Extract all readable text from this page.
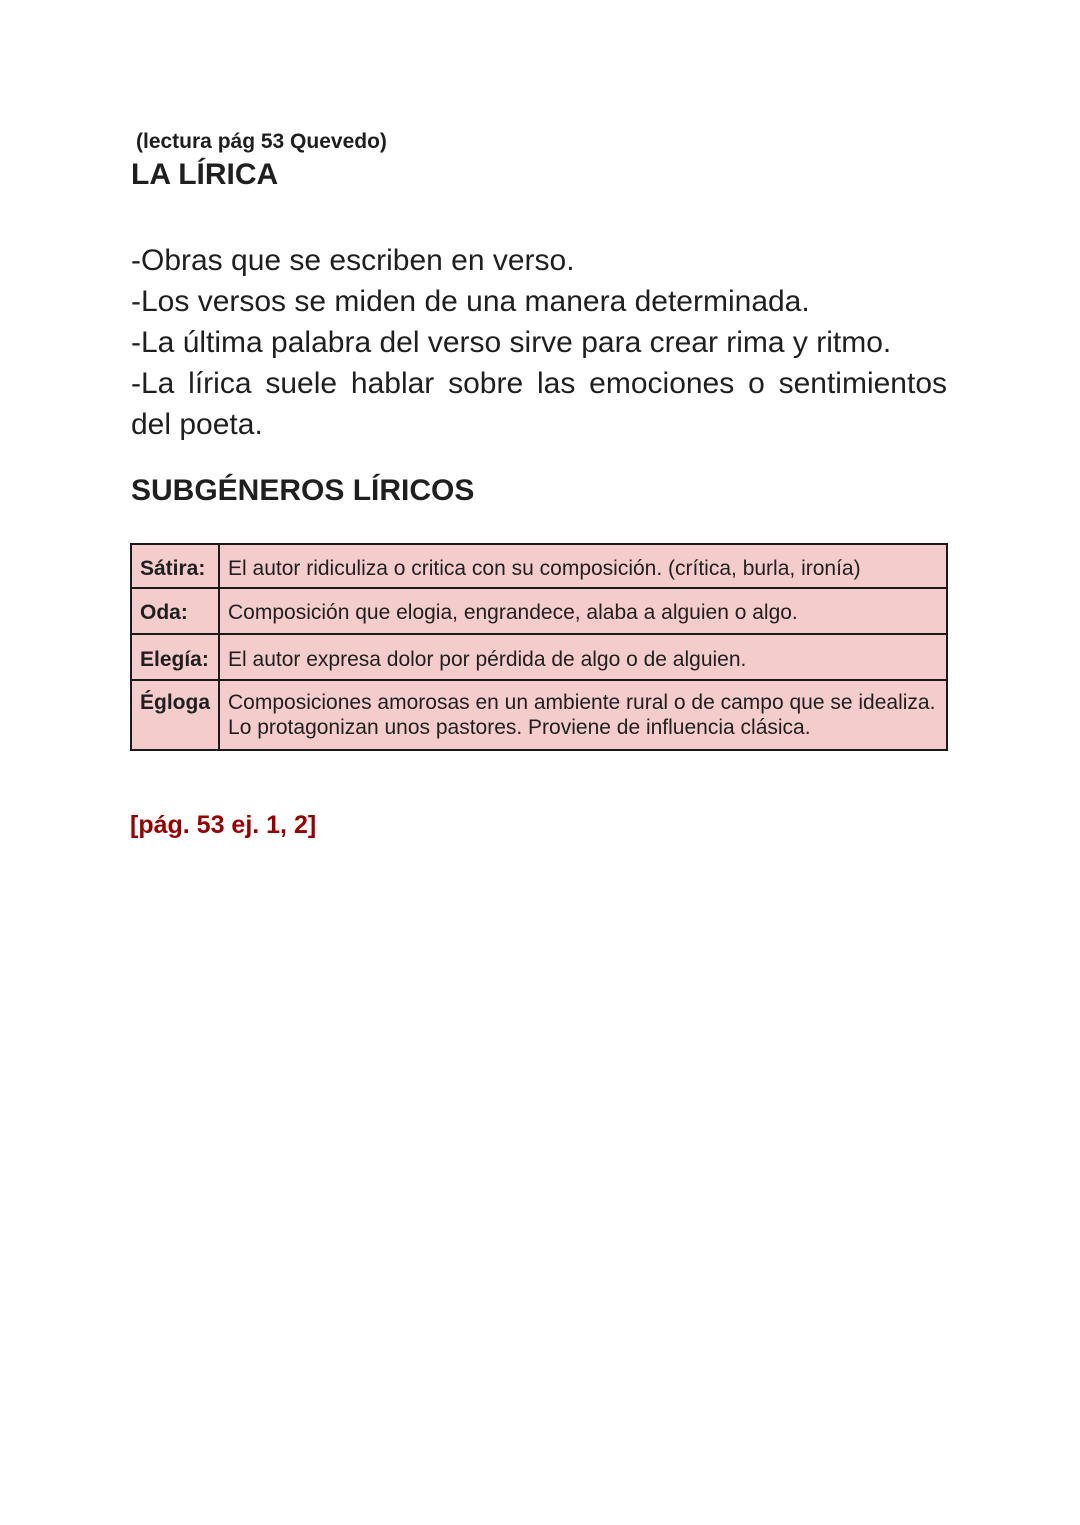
(lectura pág 53 Quevedo)
LA LÍRICA
-Obras que se escriben en verso.
-Los versos se miden de una manera determinada.
-La última palabra del verso sirve para crear rima y ritmo.
-La lírica suele hablar sobre las emociones o sentimientos
del poeta.
SUBGÉNEROS LÍRICOS
Sátira:	El autor ridiculiza o critica con su composición. (crítica, burla, ironía)
Oda:	Composición que elogia, engrandece, alaba a alguien o algo.
Elegía:	El autor expresa dolor por pérdida de algo o de alguien.
Égloga	Composiciones amorosas en un ambiente rural o de campo que se idealiza. Lo protagonizan unos pastores. Proviene de influencia clásica.
[pág. 53 ej. 1, 2]
